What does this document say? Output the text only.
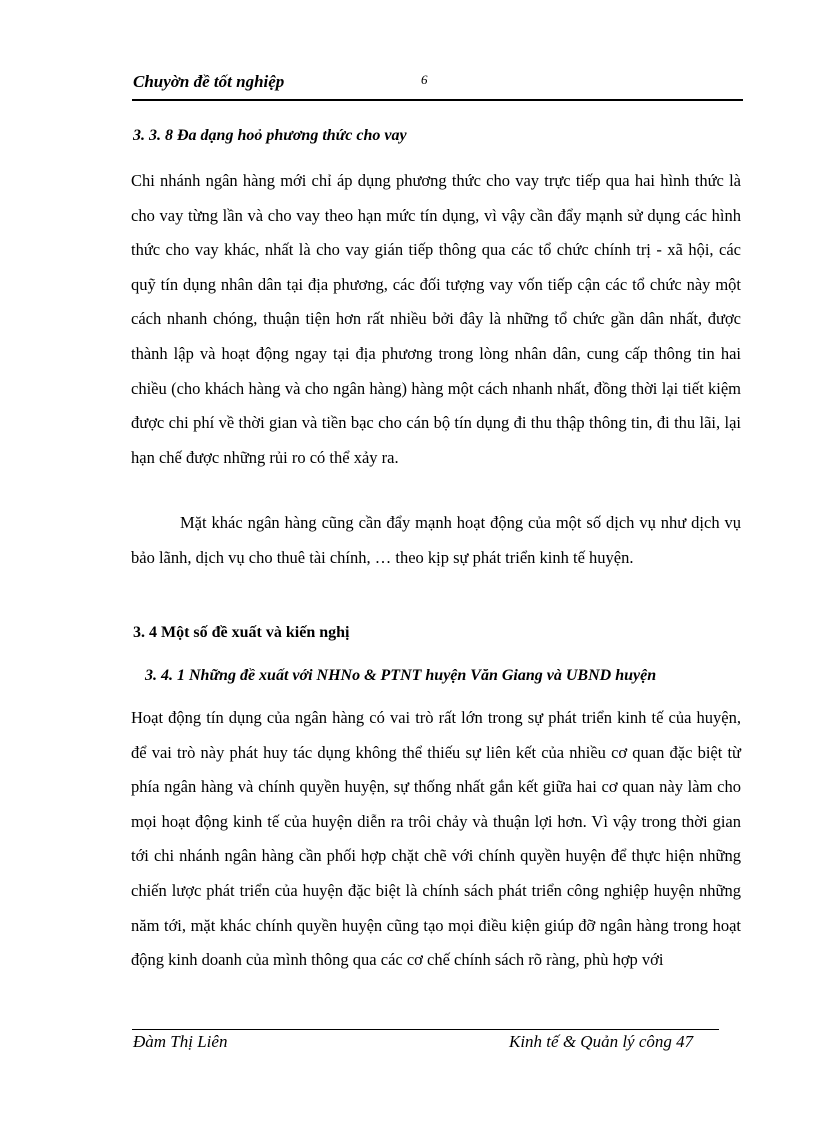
Chuyờn đề tốt nghiệp	6
3. 3. 8 Đa dạng hoỏ phương thức cho vay

Chi nhánh ngân hàng mới chỉ áp dụng phương thức cho vay trực tiếp qua hai hình thức là cho vay từng lần và cho vay theo hạn mức tín dụng, vì vậy cần đẩy mạnh sử dụng các hình thức cho vay khác, nhất là cho vay gián tiếp thông qua các tổ chức chính trị - xã hội, các quỹ tín dụng nhân dân tại địa phương, các đối tượng vay vốn tiếp cận các tổ chức này một cách nhanh chóng, thuận tiện hơn rất nhiều bởi đây là những tổ chức gần dân nhất, được thành lập và hoạt động ngay tại địa phương trong lòng nhân dân, cung cấp thông tin hai chiều (cho khách hàng và cho ngân hàng) hàng một cách nhanh nhất, đồng thời lại tiết kiệm được chi phí về thời gian và tiền bạc cho cán bộ tín dụng đi thu thập thông tin, đi thu lãi, lại hạn chế được những rủi ro có thể xảy ra.

Mặt khác ngân hàng cũng cần đẩy mạnh hoạt động của một số dịch vụ như dịch vụ bảo lãnh, dịch vụ cho thuê tài chính, … theo kịp sự phát triển kinh tế huyện.

3. 4 Một số đề xuất và kiến nghị
3. 4. 1 Những đề xuất với NHNo & PTNT huyện Văn Giang và UBND huyện

Hoạt động tín dụng của ngân hàng có vai trò rất lớn trong sự phát triển kinh tế của huyện, để vai trò này phát huy tác dụng không thể thiếu sự liên kết của nhiều cơ quan đặc biệt từ phía ngân hàng và chính quyền huyện, sự thống nhất gắn kết giữa hai cơ quan này làm cho mọi hoạt động kinh tế của huyện diễn ra trôi chảy và thuận lợi hơn. Vì vậy trong thời gian tới chi nhánh ngân hàng cần phối hợp chặt chẽ với chính quyền huyện để thực hiện những chiến lược phát triển của huyện đặc biệt là chính sách phát triển công nghiệp huyện những năm tới, mặt khác chính quyền huyện cũng tạo mọi điều kiện giúp đỡ ngân hàng trong hoạt động kinh doanh của mình thông qua các cơ chế chính sách rõ ràng, phù hợp với

Đàm Thị Liên	Kinh tế & Quản lý công 47
